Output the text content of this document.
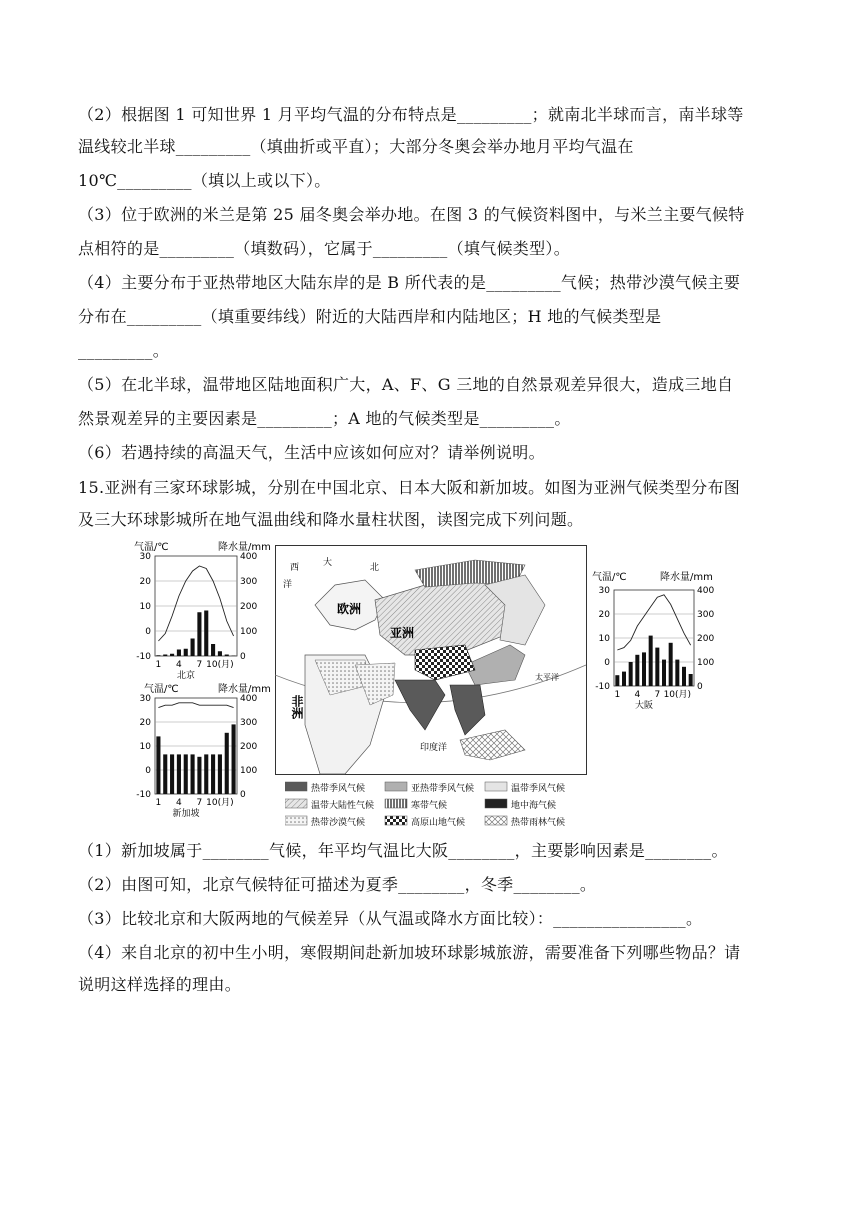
（2）根据图 1 可知世界 1 月平均气温的分布特点是_________；就南北半球而言，南半球等
温线较北半球_________（填曲折或平直）；大部分冬奥会举办地月平均气温在
10℃_________（填以上或以下）。
（3）位于欧洲的米兰是第 25 届冬奥会举办地。在图 3 的气候资料图中，与米兰主要气候特
点相符的是_________（填数码），它属于_________（填气候类型）。
（4）主要分布于亚热带地区大陆东岸的是 B 所代表的是_________气候；热带沙漠气候主要
分布在_________（填重要纬线）附近的大陆西岸和内陆地区；H 地的气候类型是
_________。
（5）在北半球，温带地区陆地面积广大，A、F、G 三地的自然景观差异很大，造成三地自
然景观差异的主要因素是_________；A 地的气候类型是_________。
（6）若遇持续的高温天气，生活中应该如何应对？请举例说明。
15.亚洲有三家环球影城，分别在中国北京、日本大阪和新加坡。如图为亚洲气候类型分布图
及三大环球影城所在地气温曲线和降水量柱状图，读图完成下列问题。
（1）新加坡属于________气候，年平均气温比大阪________，主要影响因素是________。
（2）由图可知，北京气候特征可描述为夏季________，冬季________。
（3）比较北京和大阪两地的气候差异（从气温或降水方面比较）：________________。
（4）来自北京的初中生小明，寒假期间赴新加坡环球影城旅游，需要准备下列哪些物品？请
说明这样选择的理由。
气温/℃	降水量/mm
30	400
20	300
10	200
0	100
-10	0
1 4 7 10(月)
北京
气温/℃	降水量/mm
30	400
20	300
10	200
0	100
-10	0
1 4 7 10(月)
新加坡
气温/℃	降水量/mm
30	400
20	300
10	200
0	100
-10	0
1 4 7 10(月)
大阪
西
洋
大	北
欧洲
亚洲
非洲
印度洋
太平洋
热带季风气候	亚热带季风气候	温带季风气候
温带大陆性气候	寒带气候	地中海气候
热带沙漠气候	高原山地气候	热带雨林气候
